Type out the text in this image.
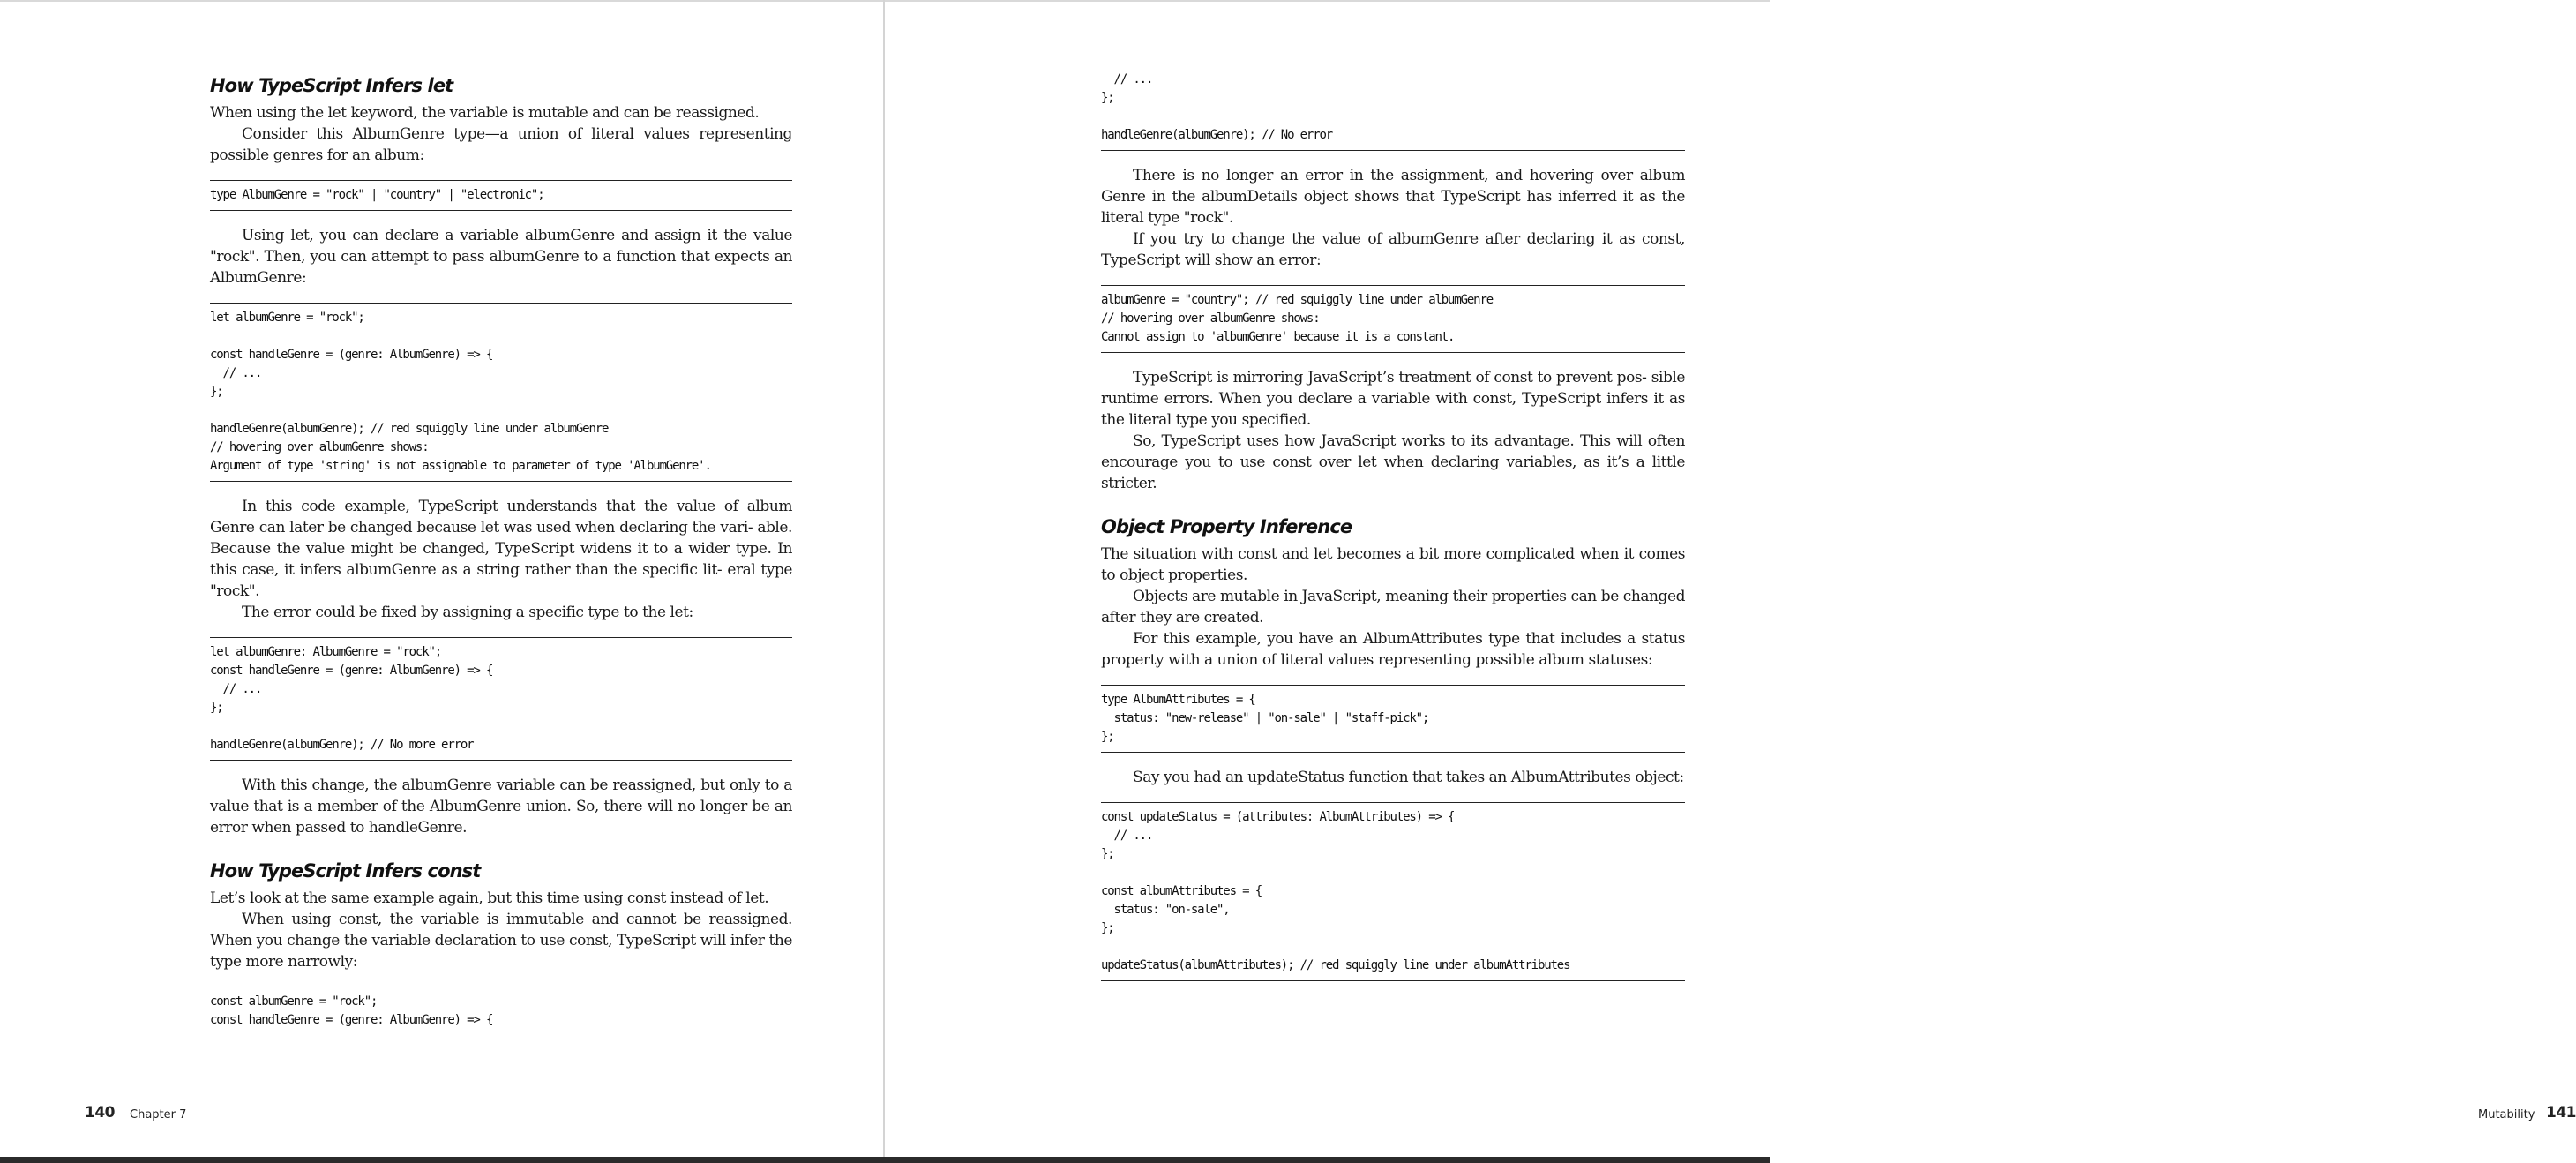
How TypeScript Infers let

When using the let keyword, the variable is mutable and can be reassigned.

Consider this AlbumGenre type—a union of literal values representing possible genres for an album:

type AlbumGenre = "rock" | "country" | "electronic";

Using let, you can declare a variable albumGenre and assign it the value "rock". Then, you can attempt to pass albumGenre to a function that expects an AlbumGenre:

let albumGenre = "rock";

const handleGenre = (genre: AlbumGenre) => {
// ...
};

handleGenre(albumGenre); // red squiggly line under albumGenre
// hovering over albumGenre shows:
Argument of type 'string' is not assignable to parameter of type 'AlbumGenre'.

In this code example, TypeScript understands that the value of album Genre can later be changed because let was used when declaring the vari- able. Because the value might be changed, TypeScript widens it to a wider type. In this case, it infers albumGenre as a string rather than the specific lit- eral type "rock".

The error could be fixed by assigning a specific type to the let:

let albumGenre: AlbumGenre = "rock";
const handleGenre = (genre: AlbumGenre) => {
// ...
};

handleGenre(albumGenre); // No more error

With this change, the albumGenre variable can be reassigned, but only to a value that is a member of the AlbumGenre union. So, there will no longer be an error when passed to handleGenre.

How TypeScript Infers const

Let’s look at the same example again, but this time using const instead of let.

When using const, the variable is immutable and cannot be reassigned. When you change the variable declaration to use const, TypeScript will infer the type more narrowly:

const albumGenre = "rock";
const handleGenre = (genre: AlbumGenre) => {
140 Chapter 7
// ...
};

handleGenre(albumGenre); // No error

There is no longer an error in the assignment, and hovering over album Genre in the albumDetails object shows that TypeScript has inferred it as the literal type "rock".

If you try to change the value of albumGenre after declaring it as const, TypeScript will show an error:

albumGenre = "country"; // red squiggly line under albumGenre
// hovering over albumGenre shows:
Cannot assign to 'albumGenre' because it is a constant.

TypeScript is mirroring JavaScript’s treatment of const to prevent pos- sible runtime errors. When you declare a variable with const, TypeScript infers it as the literal type you specified.

So, TypeScript uses how JavaScript works to its advantage. This will often encourage you to use const over let when declaring variables, as it’s a little stricter.

Object Property Inference

The situation with const and let becomes a bit more complicated when it comes to object properties.

Objects are mutable in JavaScript, meaning their properties can be changed after they are created.

For this example, you have an AlbumAttributes type that includes a status property with a union of literal values representing possible album statuses:

type AlbumAttributes = {
status: "new-release" | "on-sale" | "staff-pick";
};

Say you had an updateStatus function that takes an AlbumAttributes object:

const updateStatus = (attributes: AlbumAttributes) => {
// ...
};

const albumAttributes = {
status: "on-sale",
};

updateStatus(albumAttributes); // red squiggly line under albumAttributes
Mutability 141
